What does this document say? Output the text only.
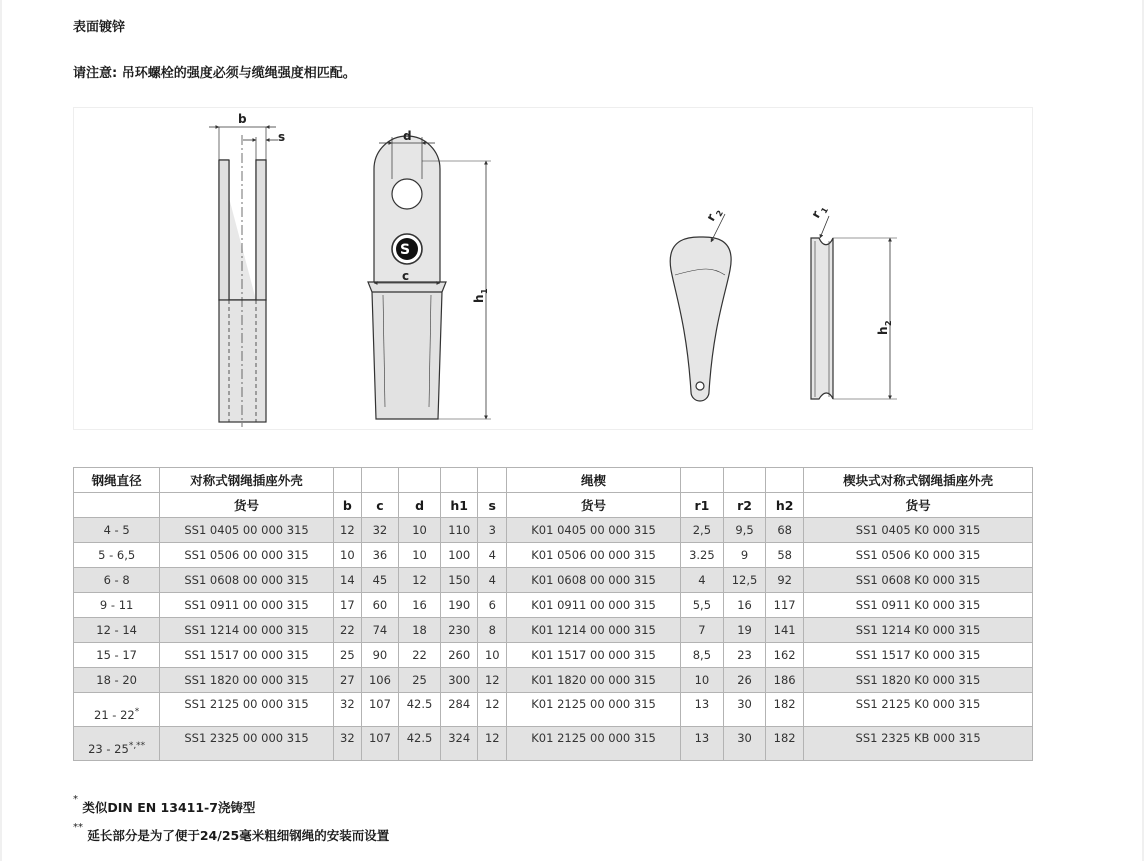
表面镀锌
请注意: 吊环螺栓的强度必须与缆绳强度相匹配。
b
s	d
c
h
1
h
2
r
2	r
1
S
钢绳直径	对称式钢绳插座外壳						绳楔				楔块式对称式钢绳插座外壳
	货号	b	c	d	h1	s	货号	r1	r2	h2	货号
4 - 5	SS1 0405 00 000 315	12	32	10	110	3	K01 0405 00 000 315	2,5	9,5	68	SS1 0405 K0 000 315
5 - 6,5	SS1 0506 00 000 315	10	36	10	100	4	K01 0506 00 000 315	3.25	9	58	SS1 0506 K0 000 315
6 - 8	SS1 0608 00 000 315	14	45	12	150	4	K01 0608 00 000 315	4	12,5	92	SS1 0608 K0 000 315
9 - 11	SS1 0911 00 000 315	17	60	16	190	6	K01 0911 00 000 315	5,5	16	117	SS1 0911 K0 000 315
12 - 14	SS1 1214 00 000 315	22	74	18	230	8	K01 1214 00 000 315	7	19	141	SS1 1214 K0 000 315
15 - 17	SS1 1517 00 000 315	25	90	22	260	10	K01 1517 00 000 315	8,5	23	162	SS1 1517 K0 000 315
18 - 20	SS1 1820 00 000 315	27	106	25	300	12	K01 1820 00 000 315	10	26	186	SS1 1820 K0 000 315
21 - 22*	SS1 2125 00 000 315	32	107	42.5	284	12	K01 2125 00 000 315	13	30	182	SS1 2125 K0 000 315
23 - 25*,**	SS1 2325 00 000 315	32	107	42.5	324	12	K01 2125 00 000 315	13	30	182	SS1 2325 KB 000 315
* 类似DIN EN 13411-7浇铸型
** 延长部分是为了便于24/25毫米粗细钢绳的安装而设置
